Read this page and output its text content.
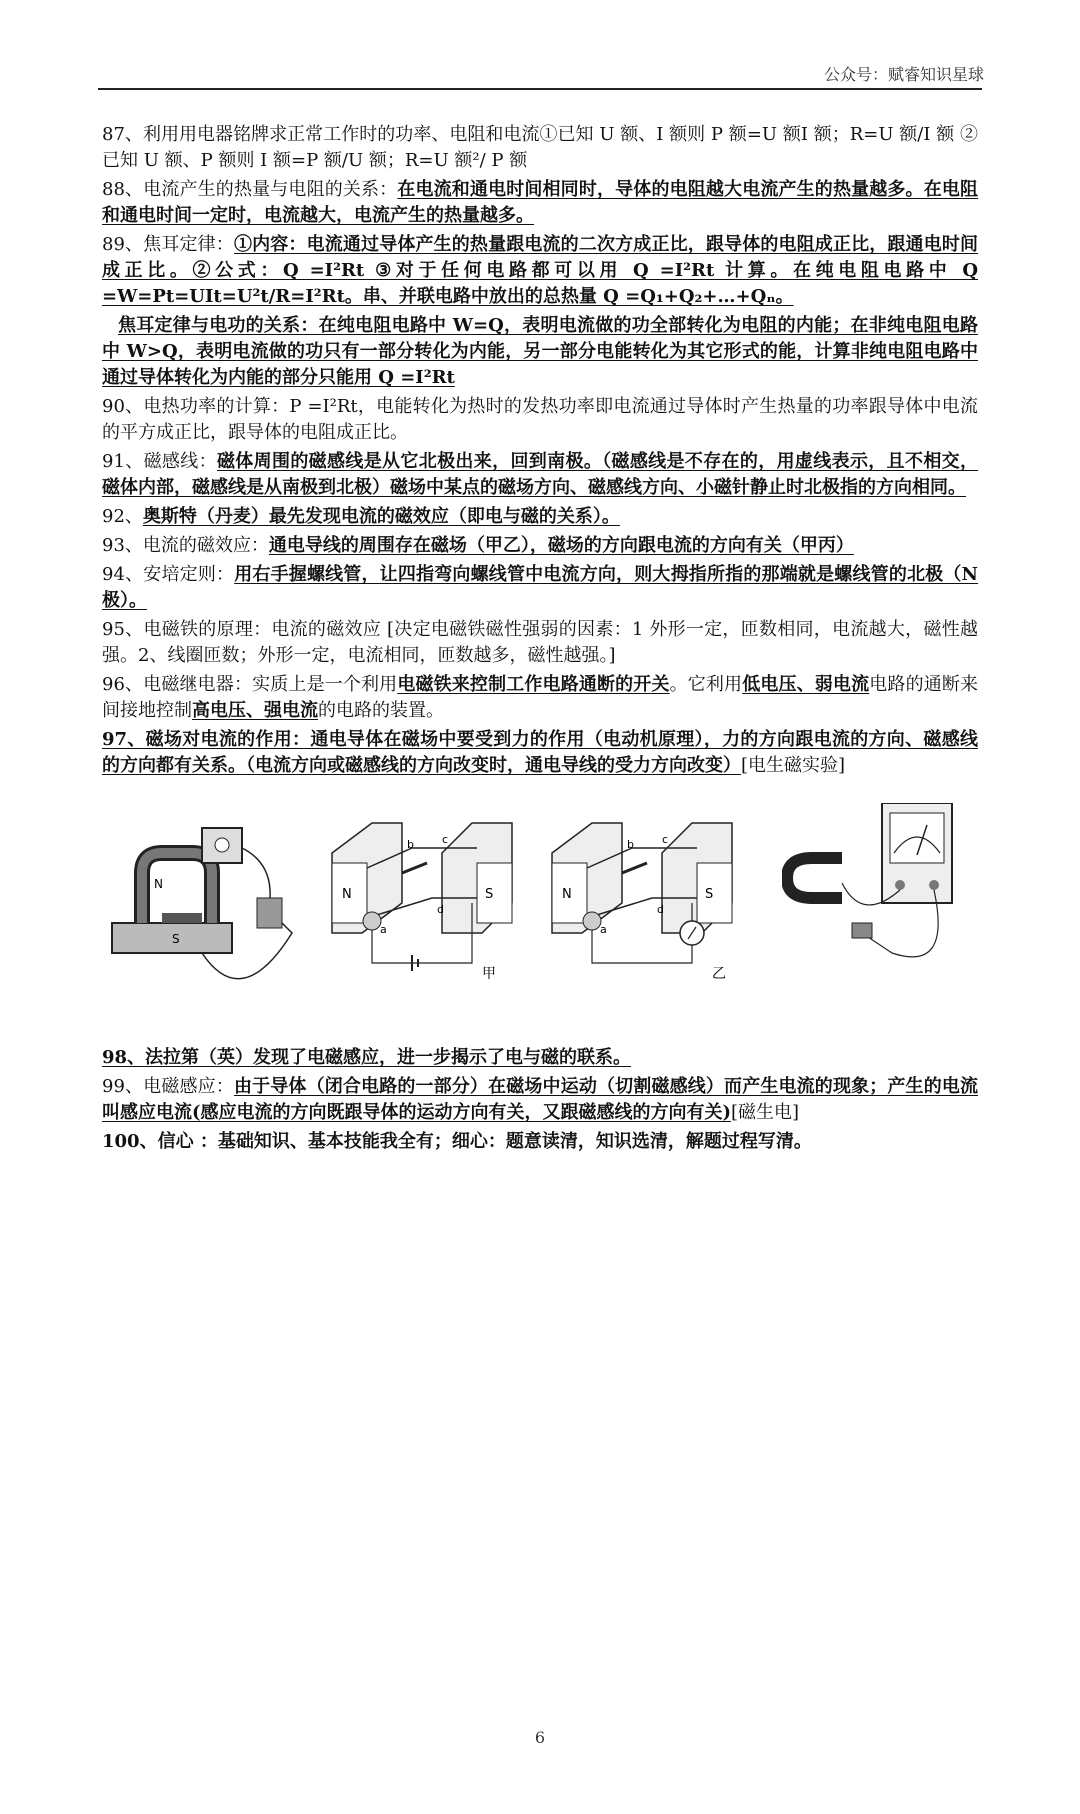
公众号：赋睿知识星球

87、利用用电器铭牌求正常工作时的功率、电阻和电流①已知 U 额、I 额则 P 额=U 额I 额；R=U 额/I 额 ②已知 U 额、P 额则 I 额=P 额/U 额；R=U 额²/ P 额

88、电流产生的热量与电阻的关系：在电流和通电时间相同时，导体的电阻越大电流产生的热量越多。在电阻和通电时间一定时，电流越大，电流产生的热量越多。

89、焦耳定律：①内容：电流通过导体产生的热量跟电流的二次方成正比，跟导体的电阻成正比，跟通电时间成正比。②公式：Q =I²Rt ③对于任何电路都可以用 Q =I²Rt 计算。在纯电阻电路中 Q =W=Pt=UIt=U²t/R=I²Rt。串、并联电路中放出的总热量 Q =Q₁+Q₂+…+Qₙ。

焦耳定律与电功的关系：在纯电阻电路中 W=Q，表明电流做的功全部转化为电阻的内能；在非纯电阻电路中 W>Q，表明电流做的功只有一部分转化为内能，另一部分电能转化为其它形式的能，计算非纯电阻电路中通过导体转化为内能的部分只能用 Q =I²Rt

90、电热功率的计算：P =I²Rt，电能转化为热时的发热功率即电流通过导体时产生热量的功率跟导体中电流的平方成正比，跟导体的电阻成正比。

91、磁感线：磁体周围的磁感线是从它北极出来，回到南极。（磁感线是不存在的，用虚线表示，且不相交，磁体内部，磁感线是从南极到北极）磁场中某点的磁场方向、磁感线方向、小磁针静止时北极指的方向相同。

92、奥斯特（丹麦）最先发现电流的磁效应（即电与磁的关系）。

93、电流的磁效应：通电导线的周围存在磁场（甲乙），磁场的方向跟电流的方向有关（甲丙）

94、安培定则：用右手握螺线管，让四指弯向螺线管中电流方向，则大拇指所指的那端就是螺线管的北极（N极）。

95、电磁铁的原理：电流的磁效应 [决定电磁铁磁性强弱的因素：1 外形一定，匝数相同，电流越大，磁性越强。2、线圈匝数；外形一定，电流相同，匝数越多，磁性越强。]

96、电磁继电器：实质上是一个利用电磁铁来控制工作电路通断的开关。它利用低电压、弱电流电路的通断来间接地控制高电压、强电流的电路的装置。

97、磁场对电流的作用：通电导体在磁场中要受到力的作用（电动机原理），力的方向跟电流的方向、磁感线的方向都有关系。（电流方向或磁感线的方向改变时，通电导线的受力方向改变）[电生磁实验]

N
S
N	S
b	c
a
d
甲
N	S
b	c
a
d
乙

98、法拉第（英）发现了电磁感应，进一步揭示了电与磁的联系。

99、电磁感应：由于导体（闭合电路的一部分）在磁场中运动（切割磁感线）而产生电流的现象；产生的电流叫感应电流(感应电流的方向既跟导体的运动方向有关，又跟磁感线的方向有关)[磁生电]

100、信心 ：基础知识、基本技能我全有；细心：题意读清，知识选清，解题过程写清。

6
